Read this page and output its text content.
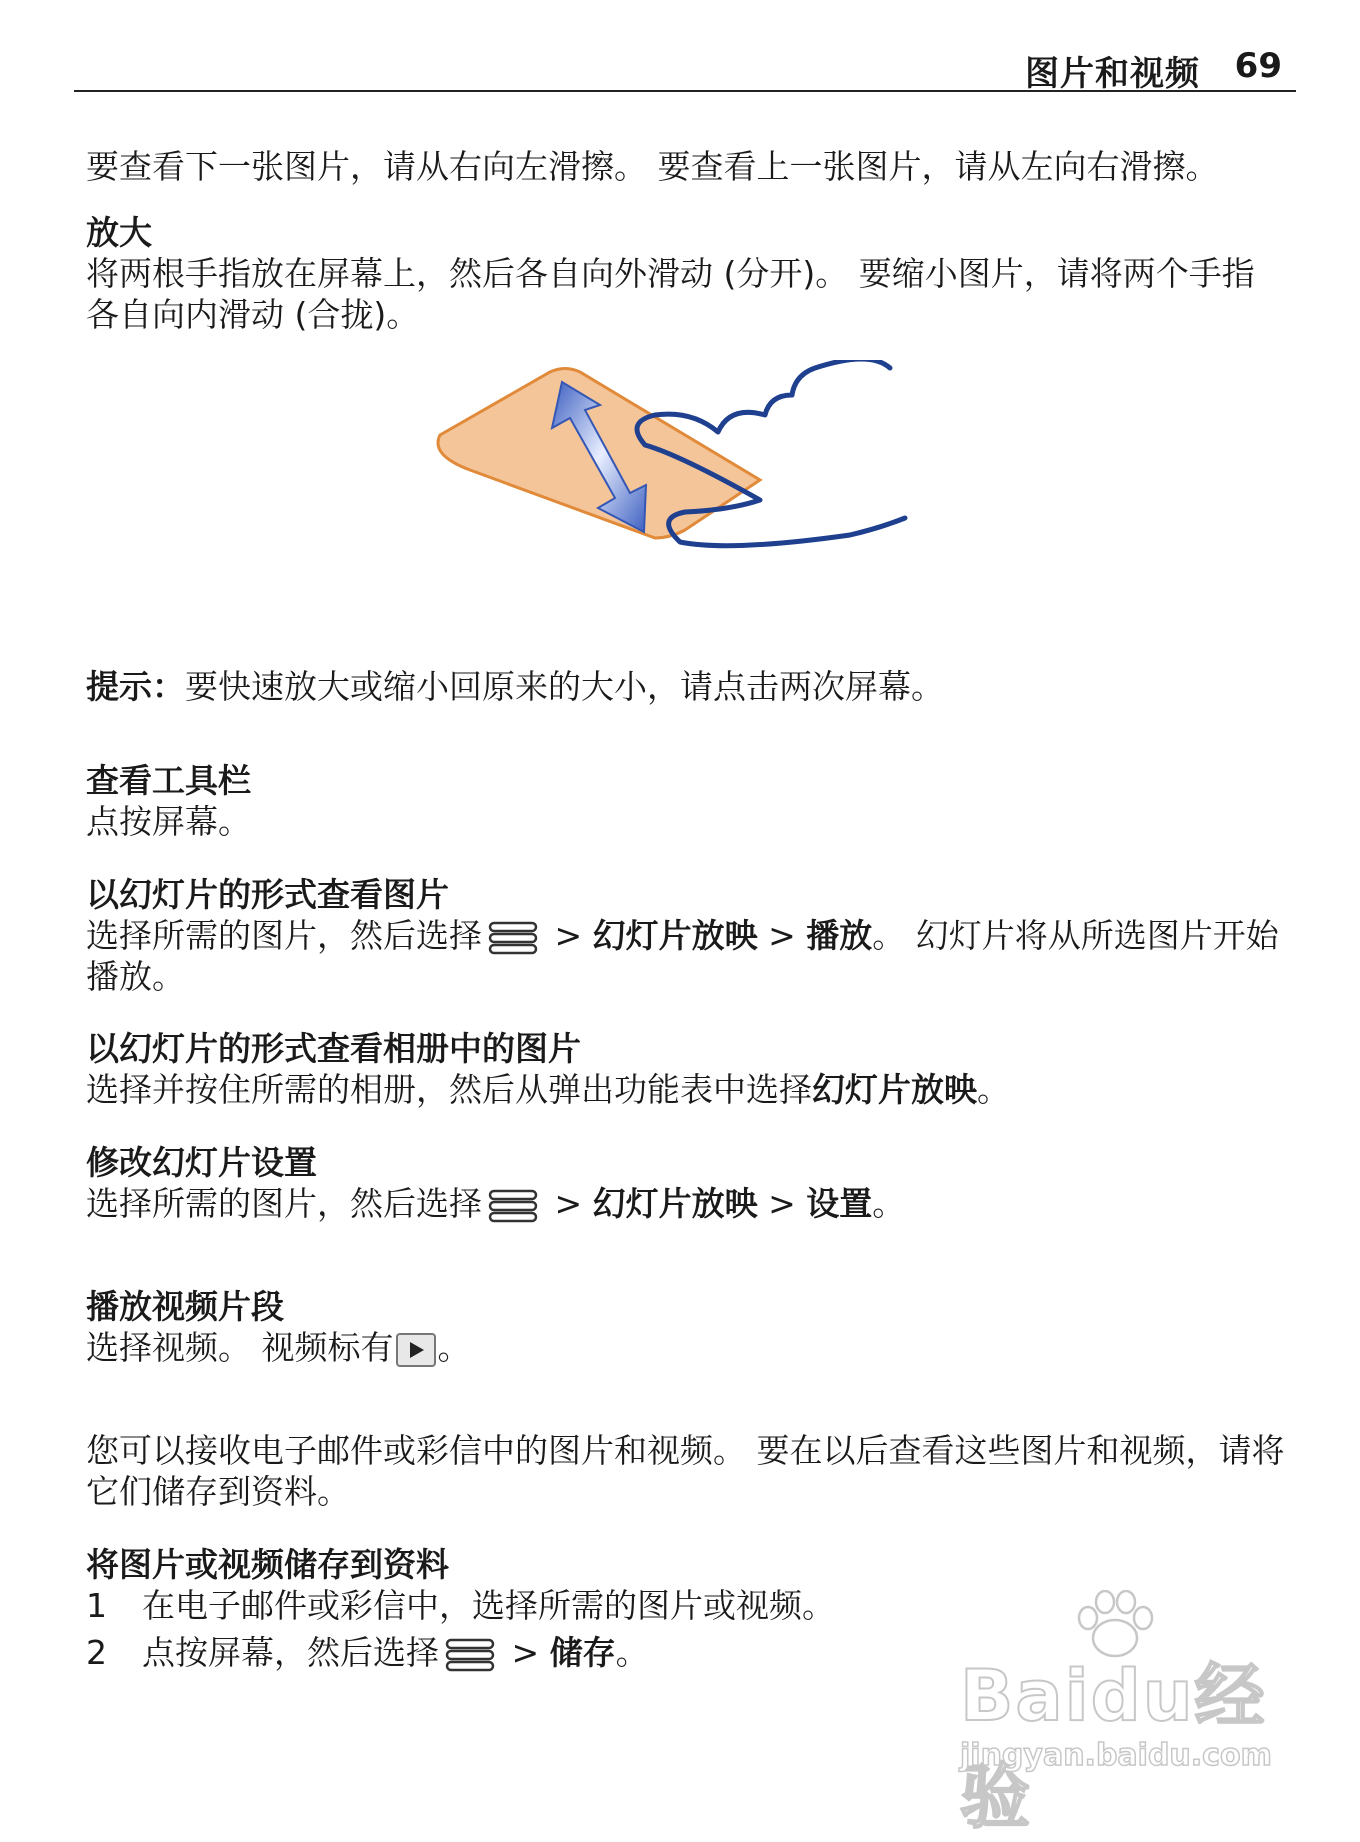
图片和视频 69

要查看下一张图片，请从右向左滑擦。 要查看上一张图片，请从左向右滑擦。

放大

将两根手指放在屏幕上，然后各自向外滑动 (分开)。 要缩小图片，请将两个手指各自向内滑动 (合拢)。

提示：要快速放大或缩小回原来的大小，请点击两次屏幕。

查看工具栏

点按屏幕。

以幻灯片的形式查看图片

选择所需的图片，然后选择 > 幻灯片放映 > 播放。 幻灯片将从所选图片开始播放。

以幻灯片的形式查看相册中的图片

选择并按住所需的相册，然后从弹出功能表中选择幻灯片放映。

修改幻灯片设置

选择所需的图片，然后选择 > 幻灯片放映 > 设置。

播放视频片段

选择视频。 视频标有 。

您可以接收电子邮件或彩信中的图片和视频。 要在以后查看这些图片和视频，请将它们储存到资料。

将图片或视频储存到资料

1 在电子邮件或彩信中，选择所需的图片或视频。

2 点按屏幕，然后选择 > 储存。

Baidu经验
jingyan.baidu.com
